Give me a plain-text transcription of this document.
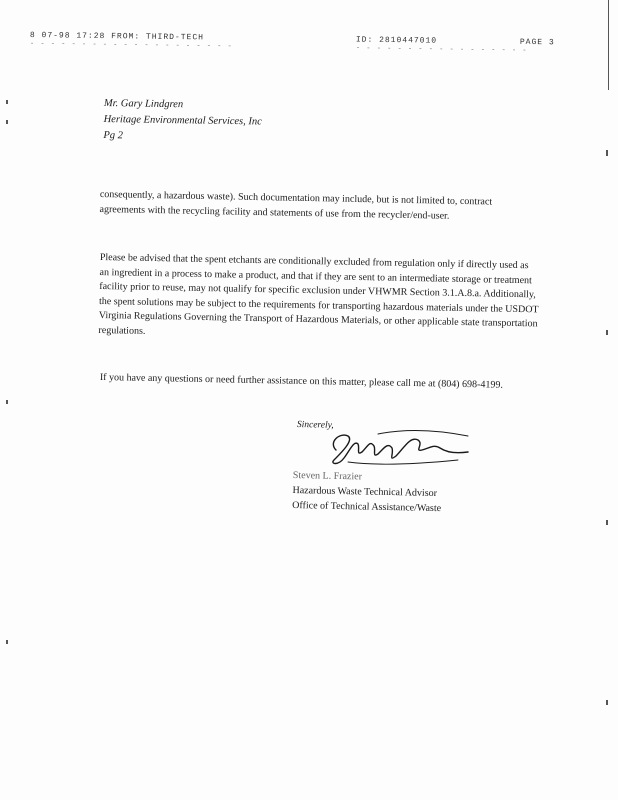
8 07-98 17:28 FROM: THIRD-TECH	ID: 2810447010	PAGE 3
- - - - - - - - - - - - - - - - - - - -	- - - - - - - - - - - - - - - - -
Mr. Gary Lindgren
Heritage Environmental Services, Inc
Pg 2
consequently, a hazardous waste). Such documentation may include, but is not limited to, contract agreements with the recycling facility and statements of use from the recycler/end-user.
Please be advised that the spent etchants are conditionally excluded from regulation only if directly used as an ingredient in a process to make a product, and that if they are sent to an intermediate storage or treatment facility prior to reuse, may not qualify for specific exclusion under VHWMR Section 3.1.A.8.a. Additionally, the spent solutions may be subject to the requirements for transporting hazardous materials under the USDOT Virginia Regulations Governing the Transport of Hazardous Materials, or other applicable state transportation regulations.
If you have any questions or need further assistance on this matter, please call me at (804) 698-4199.
Sincerely,
Steven L. Frazier
Hazardous Waste Technical Advisor
Office of Technical Assistance/Waste
